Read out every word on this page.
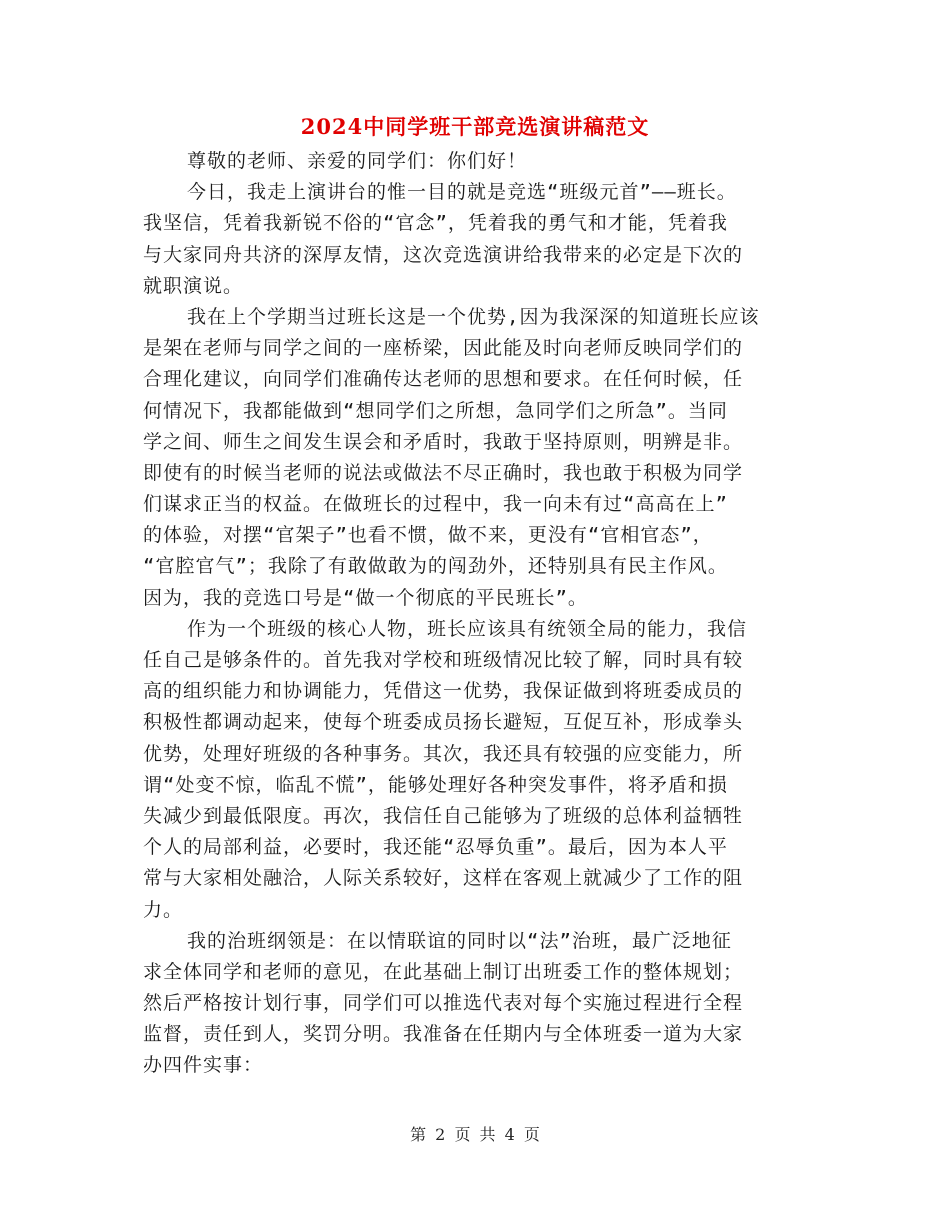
2024中同学班干部竞选演讲稿范文
尊敬的老师、亲爱的同学们：你们好！
今日，我走上演讲台的惟一目的就是竞选“班级元首”——班长。
我坚信，凭着我新锐不俗的“官念”，凭着我的勇气和才能，凭着我
与大家同舟共济的深厚友情，这次竞选演讲给我带来的必定是下次的
就职演说。
我在上个学期当过班长这是一个优势,因为我深深的知道班长应该
是架在老师与同学之间的一座桥梁，因此能及时向老师反映同学们的
合理化建议，向同学们准确传达老师的思想和要求。在任何时候，任
何情况下，我都能做到“想同学们之所想，急同学们之所急”。当同
学之间、师生之间发生误会和矛盾时，我敢于坚持原则，明辨是非。
即使有的时候当老师的说法或做法不尽正确时，我也敢于积极为同学
们谋求正当的权益。在做班长的过程中，我一向未有过“高高在上”
的体验，对摆“官架子”也看不惯，做不来，更没有“官相官态”，
“官腔官气”；我除了有敢做敢为的闯劲外，还特别具有民主作风。
因为，我的竞选口号是“做一个彻底的平民班长”。
作为一个班级的核心人物，班长应该具有统领全局的能力，我信
任自己是够条件的。首先我对学校和班级情况比较了解，同时具有较
高的组织能力和协调能力，凭借这一优势，我保证做到将班委成员的
积极性都调动起来，使每个班委成员扬长避短，互促互补，形成拳头
优势，处理好班级的各种事务。其次，我还具有较强的应变能力，所
谓“处变不惊，临乱不慌”，能够处理好各种突发事件，将矛盾和损
失减少到最低限度。再次，我信任自己能够为了班级的总体利益牺牲
个人的局部利益，必要时，我还能“忍辱负重”。最后，因为本人平
常与大家相处融洽，人际关系较好，这样在客观上就减少了工作的阻
力。
我的治班纲领是：在以情联谊的同时以“法”治班，最广泛地征
求全体同学和老师的意见，在此基础上制订出班委工作的整体规划；
然后严格按计划行事，同学们可以推选代表对每个实施过程进行全程
监督，责任到人，奖罚分明。我准备在任期内与全体班委一道为大家
办四件实事：
第 2 页 共 4 页
